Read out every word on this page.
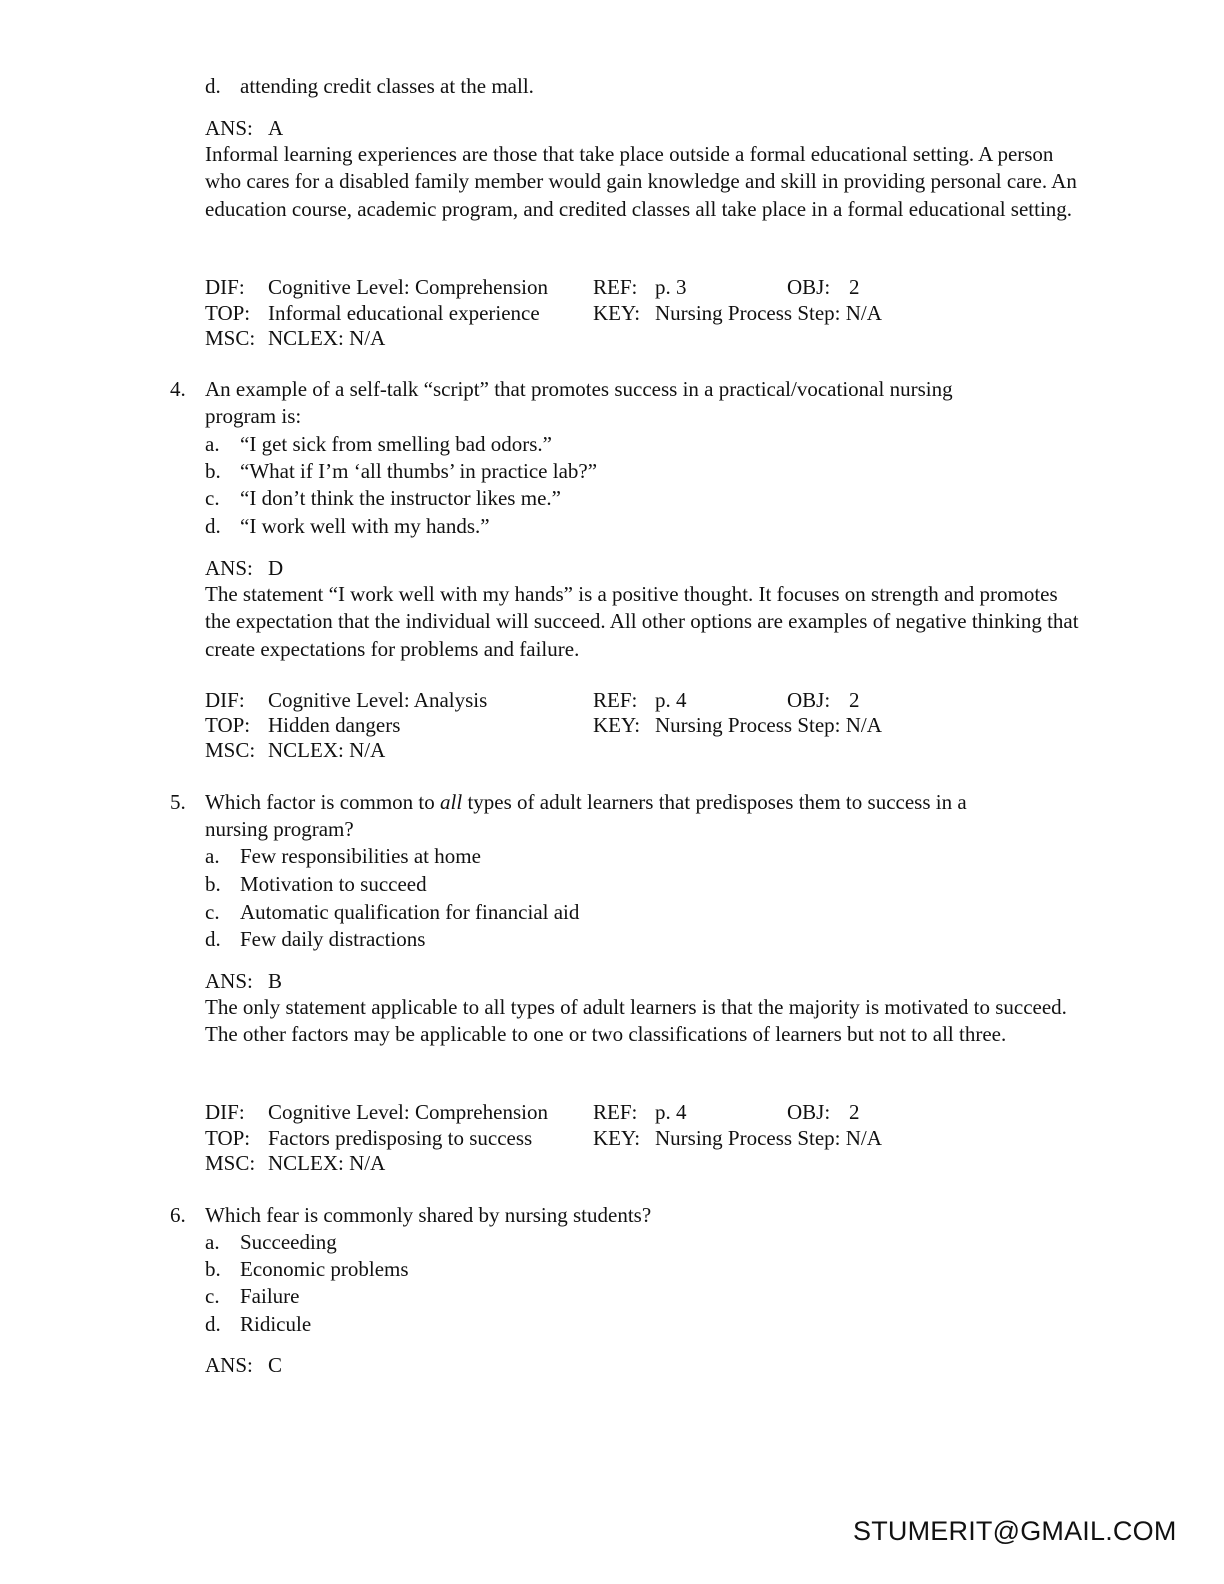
d. attending credit classes at the mall.
ANS: A
Informal learning experiences are those that take place outside a formal educational setting. A person who cares for a disabled family member would gain knowledge and skill in providing personal care. An education course, academic program, and credited classes all take place in a formal educational setting.
DIF: Cognitive Level: Comprehension REF: p. 3	OBJ: 2
TOP: Informal educational experience	KEY: Nursing Process Step: N/A
MSC: NCLEX: N/A
4. An example of a self-talk “script” that promotes success in a practical/vocational nursing
program is:
a. “I get sick from smelling bad odors.”
b. “What if I’m ‘all thumbs’ in practice lab?”
c. “I don’t think the instructor likes me.”
d. “I work well with my hands.”
ANS: D
The statement “I work well with my hands” is a positive thought. It focuses on strength and promotes the expectation that the individual will succeed. All other options are examples of negative thinking that create expectations for problems and failure.
DIF: Cognitive Level: Analysis	REF: p. 4	OBJ: 2
TOP: Hidden dangers	KEY: Nursing Process Step: N/A
MSC: NCLEX: N/A
5. Which factor is common to all types of adult learners that predisposes them to success in a
nursing program?
a. Few responsibilities at home
b. Motivation to succeed
c. Automatic qualification for financial aid
d. Few daily distractions
ANS: B
The only statement applicable to all types of adult learners is that the majority is motivated to succeed. The other factors may be applicable to one or two classifications of learners but not to all three.
DIF: Cognitive Level: Comprehension REF: p. 4	OBJ: 2
TOP: Factors predisposing to success	KEY: Nursing Process Step: N/A
MSC: NCLEX: N/A
6. Which fear is commonly shared by nursing students?
a. Succeeding
b. Economic problems
c. Failure
d. Ridicule
ANS: C
STUMERIT@GMAIL.COM
